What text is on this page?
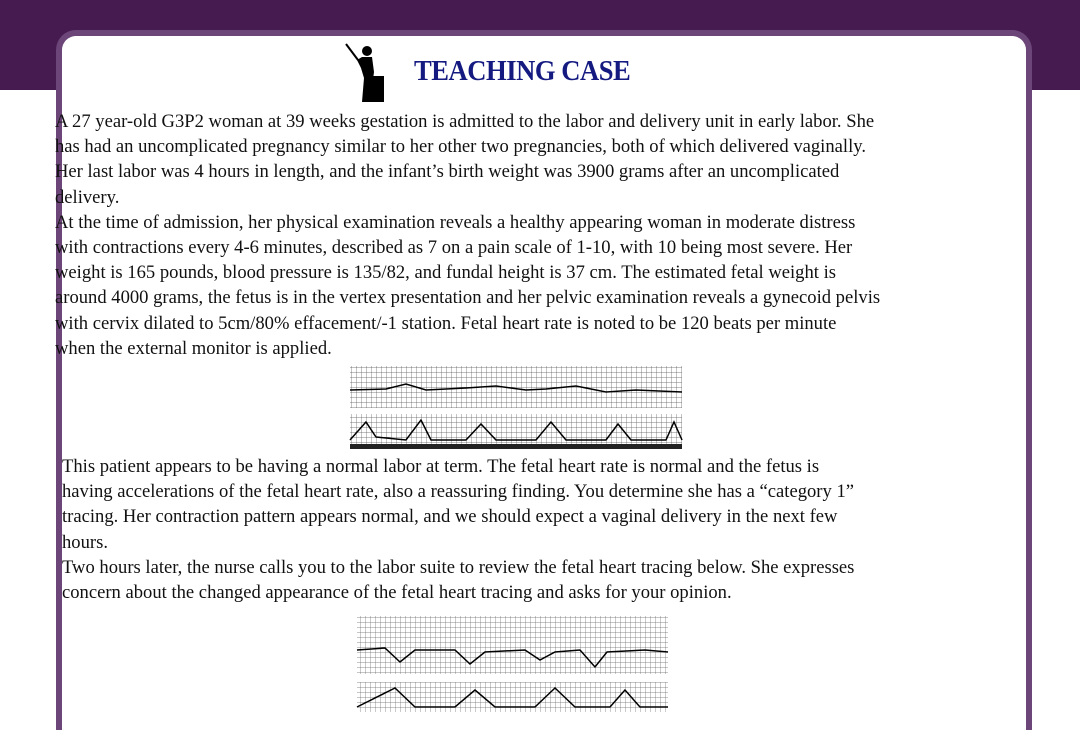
TEACHING CASE
A 27 year-old G3P2 woman at 39 weeks gestation is admitted to the labor and delivery unit in early labor. She
has had an uncomplicated pregnancy similar to her other two pregnancies, both of which delivered vaginally.
Her last labor was 4 hours in length, and the infant’s birth weight was 3900 grams after an uncomplicated
delivery.
At the time of admission, her physical examination reveals a healthy appearing woman in moderate distress
with contractions every 4-6 minutes, described as 7 on a pain scale of 1-10, with 10 being most severe. Her
weight is 165 pounds, blood pressure is 135/82, and fundal height is 37 cm. The estimated fetal weight is
around 4000 grams, the fetus is in the vertex presentation and her pelvic examination reveals a gynecoid pelvis
with cervix dilated to 5cm/80% effacement/-1 station. Fetal heart rate is noted to be 120 beats per minute
when the external monitor is applied.
This patient appears to be having a normal labor at term. The fetal heart rate is normal and the fetus is
having accelerations of the fetal heart rate, also a reassuring finding. You determine she has a “category 1”
tracing. Her contraction pattern appears normal, and we should expect a vaginal delivery in the next few
hours.
Two hours later, the nurse calls you to the labor suite to review the fetal heart tracing below. She expresses
concern about the changed appearance of the fetal heart tracing and asks for your opinion.
